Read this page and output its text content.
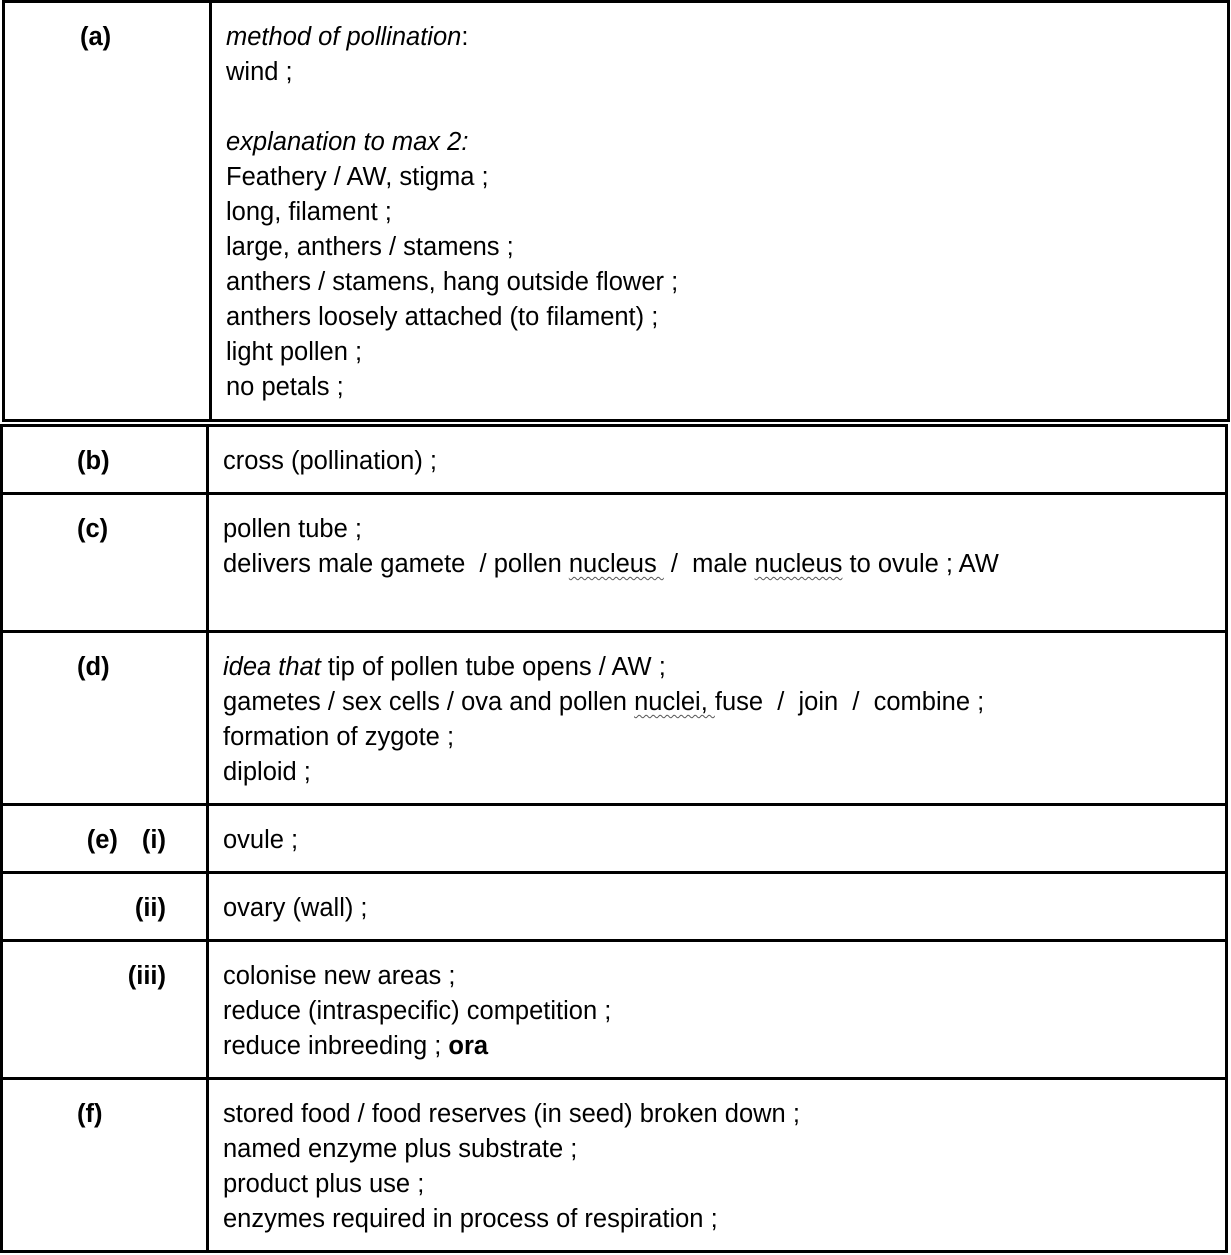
(a)	method of pollination:
wind ;
explanation to max 2:
Feathery / AW, stigma ;
long, filament ;
large, anthers / stamens ;
anthers / stamens, hang outside flower ;
anthers loosely attached (to filament) ;
light pollen ;
no petals ;
(b)	cross (pollination) ;

(c)	pollen tube ;
delivers male gamete  / pollen nucleus  /  male nucleus to ovule ; AW

(d)	idea that tip of pollen tube opens / AW ;
gametes / sex cells / ova and pollen nuclei, fuse  /  join  /  combine ;
formation of zygote ;
diploid ;

(e) (i)	ovule ;

(ii)	ovary (wall) ;

(iii)	colonise new areas ;
reduce (intraspecific) competition ;
reduce inbreeding ; ora

(f)	stored food / food reserves (in seed) broken down ;
named enzyme plus substrate ;
product plus use ;
enzymes required in process of respiration ;
